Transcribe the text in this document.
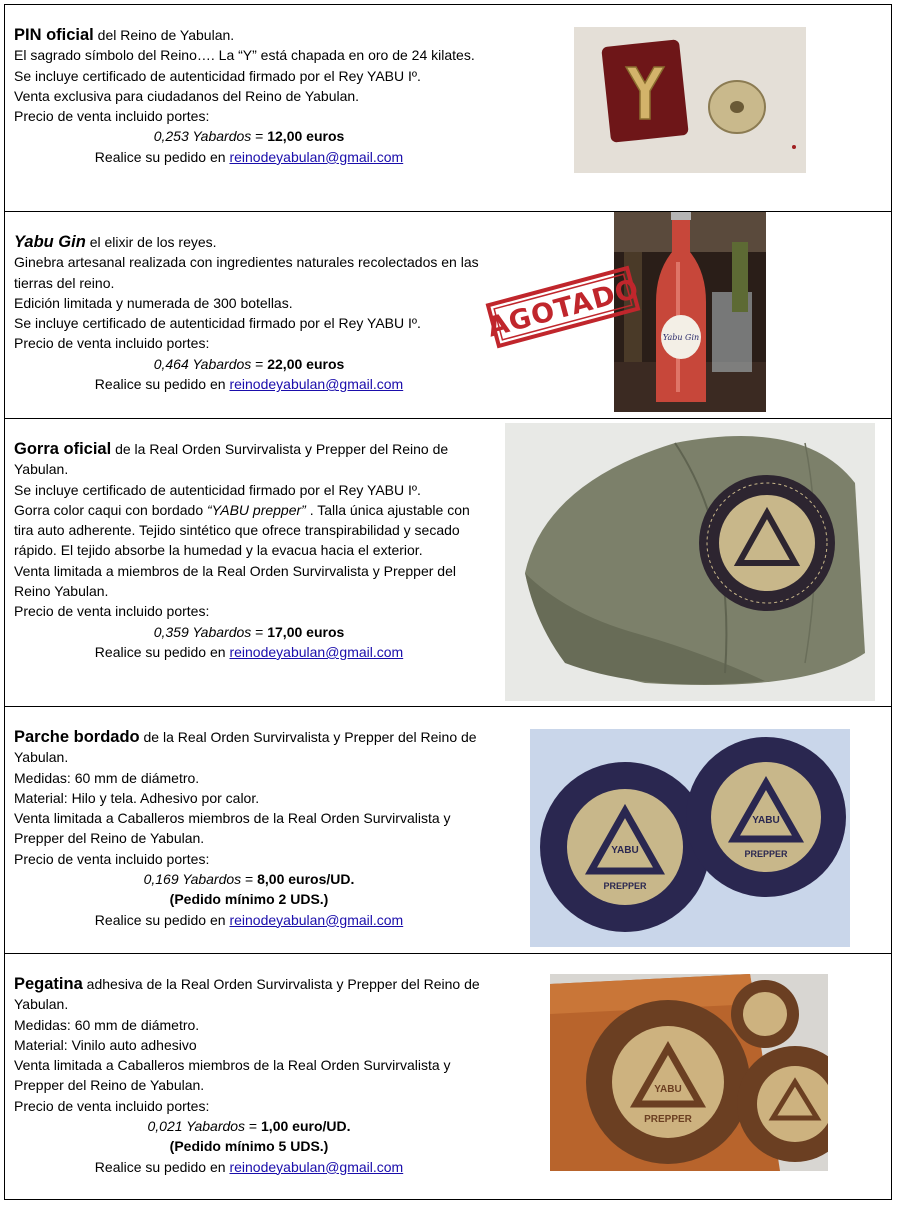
PIN oficial del Reino de Yabulan.

El sagrado símbolo del Reino…. La “Y” está chapada en oro de 24 kilates.

Se incluye certificado de autenticidad firmado por el Rey YABU Iº.

Venta exclusiva para ciudadanos del Reino de Yabulan.

Precio de venta incluido portes:

0,253 Yabardos = 12,00 euros

Realice su pedido en reinodeyabulan@gmail.com

Yabu Gin el elixir de los reyes.

Ginebra artesanal realizada con ingredientes naturales recolectados en las tierras del reino.

Edición limitada y numerada de 300 botellas.

Se incluye certificado de autenticidad firmado por el Rey YABU Iº.

Precio de venta incluido portes:

0,464 Yabardos = 22,00 euros

Realice su pedido en reinodeyabulan@gmail.com

Yabu Gin
AGOTADO

Gorra oficial de la Real Orden Survirvalista y Prepper del Reino de Yabulan.

Se incluye certificado de autenticidad firmado por el Rey YABU Iº.

Gorra color caqui con bordado “YABU prepper” . Talla única ajustable con tira auto adherente. Tejido sintético que ofrece transpirabilidad y secado rápido. El tejido absorbe la humedad y la evacua hacia el exterior.

Venta limitada a miembros de la Real Orden Survirvalista y Prepper del Reino Yabulan.

Precio de venta incluido portes:

0,359 Yabardos = 17,00 euros

Realice su pedido en reinodeyabulan@gmail.com

Parche bordado de la Real Orden Survirvalista y Prepper del Reino de Yabulan.

Medidas: 60 mm de diámetro.

Material: Hilo y tela. Adhesivo por calor.

Venta limitada a Caballeros miembros de la Real Orden Survirvalista y Prepper del Reino de Yabulan.

Precio de venta incluido portes:

0,169 Yabardos = 8,00 euros/UD.

(Pedido mínimo 2 UDS.)

Realice su pedido en reinodeyabulan@gmail.com

YABU
PREPPER
YABU
PREPPER

Pegatina adhesiva de la Real Orden Survirvalista y Prepper del Reino de Yabulan.

Medidas: 60 mm de diámetro.

Material: Vinilo auto adhesivo

Venta limitada a Caballeros miembros de la Real Orden Survirvalista y Prepper del Reino de Yabulan.

Precio de venta incluido portes:

0,021 Yabardos = 1,00 euro/UD.

(Pedido mínimo 5 UDS.)

Realice su pedido en reinodeyabulan@gmail.com

YABU
PREPPER
